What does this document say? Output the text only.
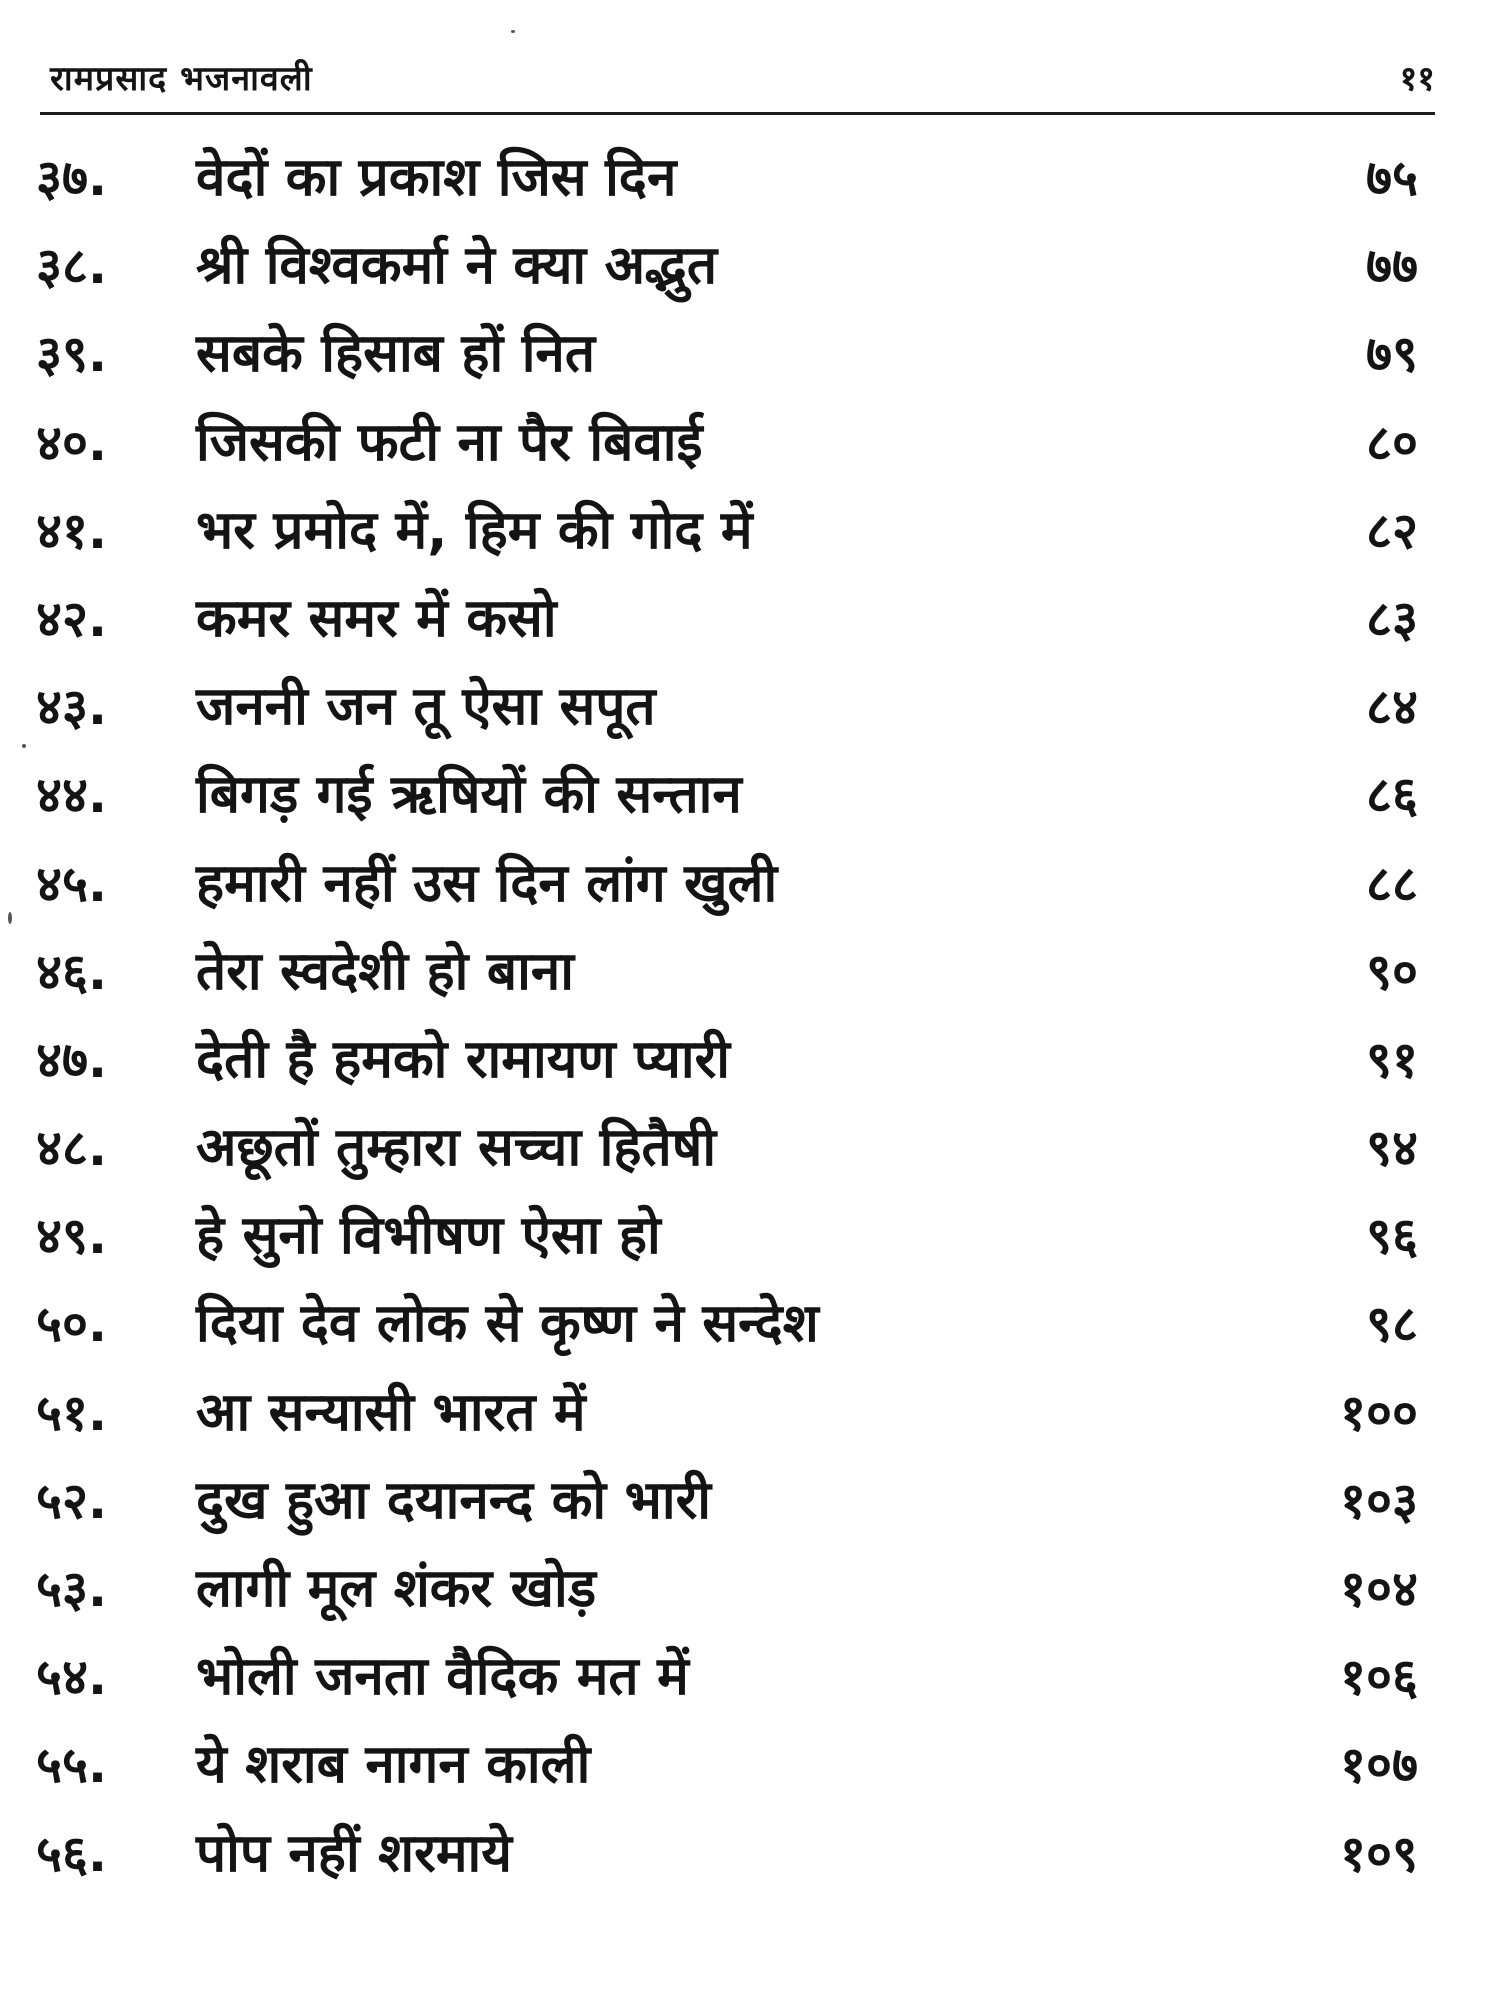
रामप्रसाद भजनावली	११
३७. वेदों का प्रकाश जिस दिन	७५
३८. श्री विश्वकर्मा ने क्या अद्भुत	७७
३९. सबके हिसाब हों नित	७९
४०. जिसकी फटी ना पैर बिवाई	८०
४१. भर प्रमोद में, हिम की गोद में	८२
४२. कमर समर में कसो	८३
४३. जननी जन तू ऐसा सपूत	८४
४४. बिगड़ गई ऋषियों की सन्तान	८६
४५. हमारी नहीं उस दिन लांग खुली	८८
४६. तेरा स्वदेशी हो बाना	९०
४७. देती है हमको रामायण प्यारी	९१
४८. अछूतों तुम्हारा सच्चा हितैषी	९४
४९. हे सुनो विभीषण ऐसा हो	९६
५०. दिया देव लोक से कृष्ण ने सन्देश	९८
५१. आ सन्यासी भारत में	१००
५२. दुख हुआ दयानन्द को भारी	१०३
५३. लागी मूल शंकर खोड़	१०४
५४. भोली जनता वैदिक मत में	१०६
५५. ये शराब नागन काली	१०७
५६. पोप नहीं शरमाये	१०९
